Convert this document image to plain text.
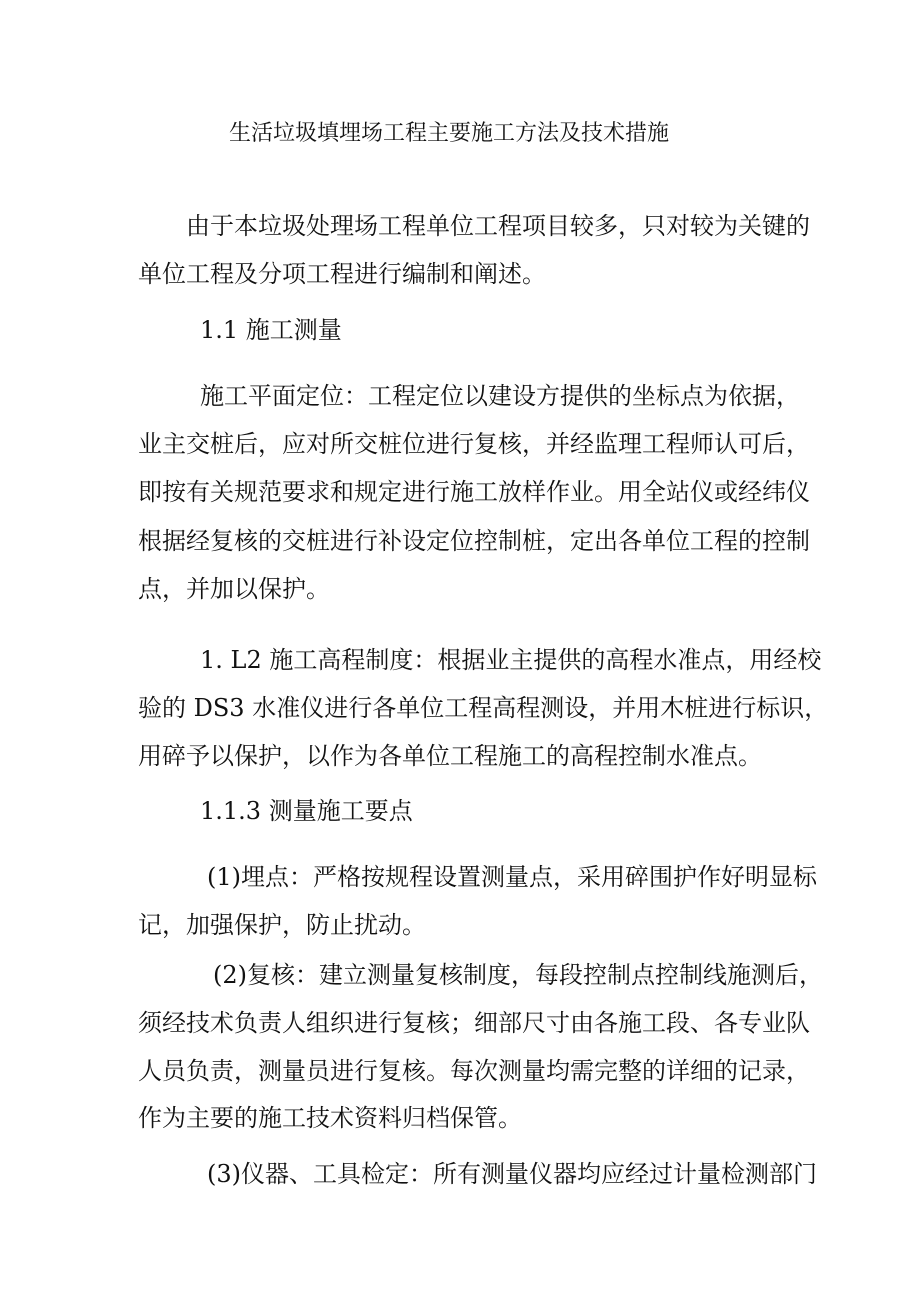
生活垃圾填埋场工程主要施工方法及技术措施
由于本垃圾处理场工程单位工程项目较多，只对较为关键的
单位工程及分项工程进行编制和阐述。
1.1 施工测量
施工平面定位：工程定位以建设方提供的坐标点为依据，
业主交桩后，应对所交桩位进行复核，并经监理工程师认可后，
即按有关规范要求和规定进行施工放样作业。用全站仪或经纬仪
根据经复核的交桩进行补设定位控制桩，定出各单位工程的控制
点，并加以保护。
1. L2 施工高程制度：根据业主提供的高程水准点，用经校
验的 DS3 水准仪进行各单位工程高程测设，并用木桩进行标识，
用碎予以保护，以作为各单位工程施工的高程控制水准点。
1.1.3 测量施工要点
(1)埋点：严格按规程设置测量点，采用碎围护作好明显标
记，加强保护，防止扰动。
(2)复核：建立测量复核制度，每段控制点控制线施测后，
须经技术负责人组织进行复核；细部尺寸由各施工段、各专业队
人员负责，测量员进行复核。每次测量均需完整的详细的记录，
作为主要的施工技术资料归档保管。
(3)仪器、工具检定：所有测量仪器均应经过计量检测部门
